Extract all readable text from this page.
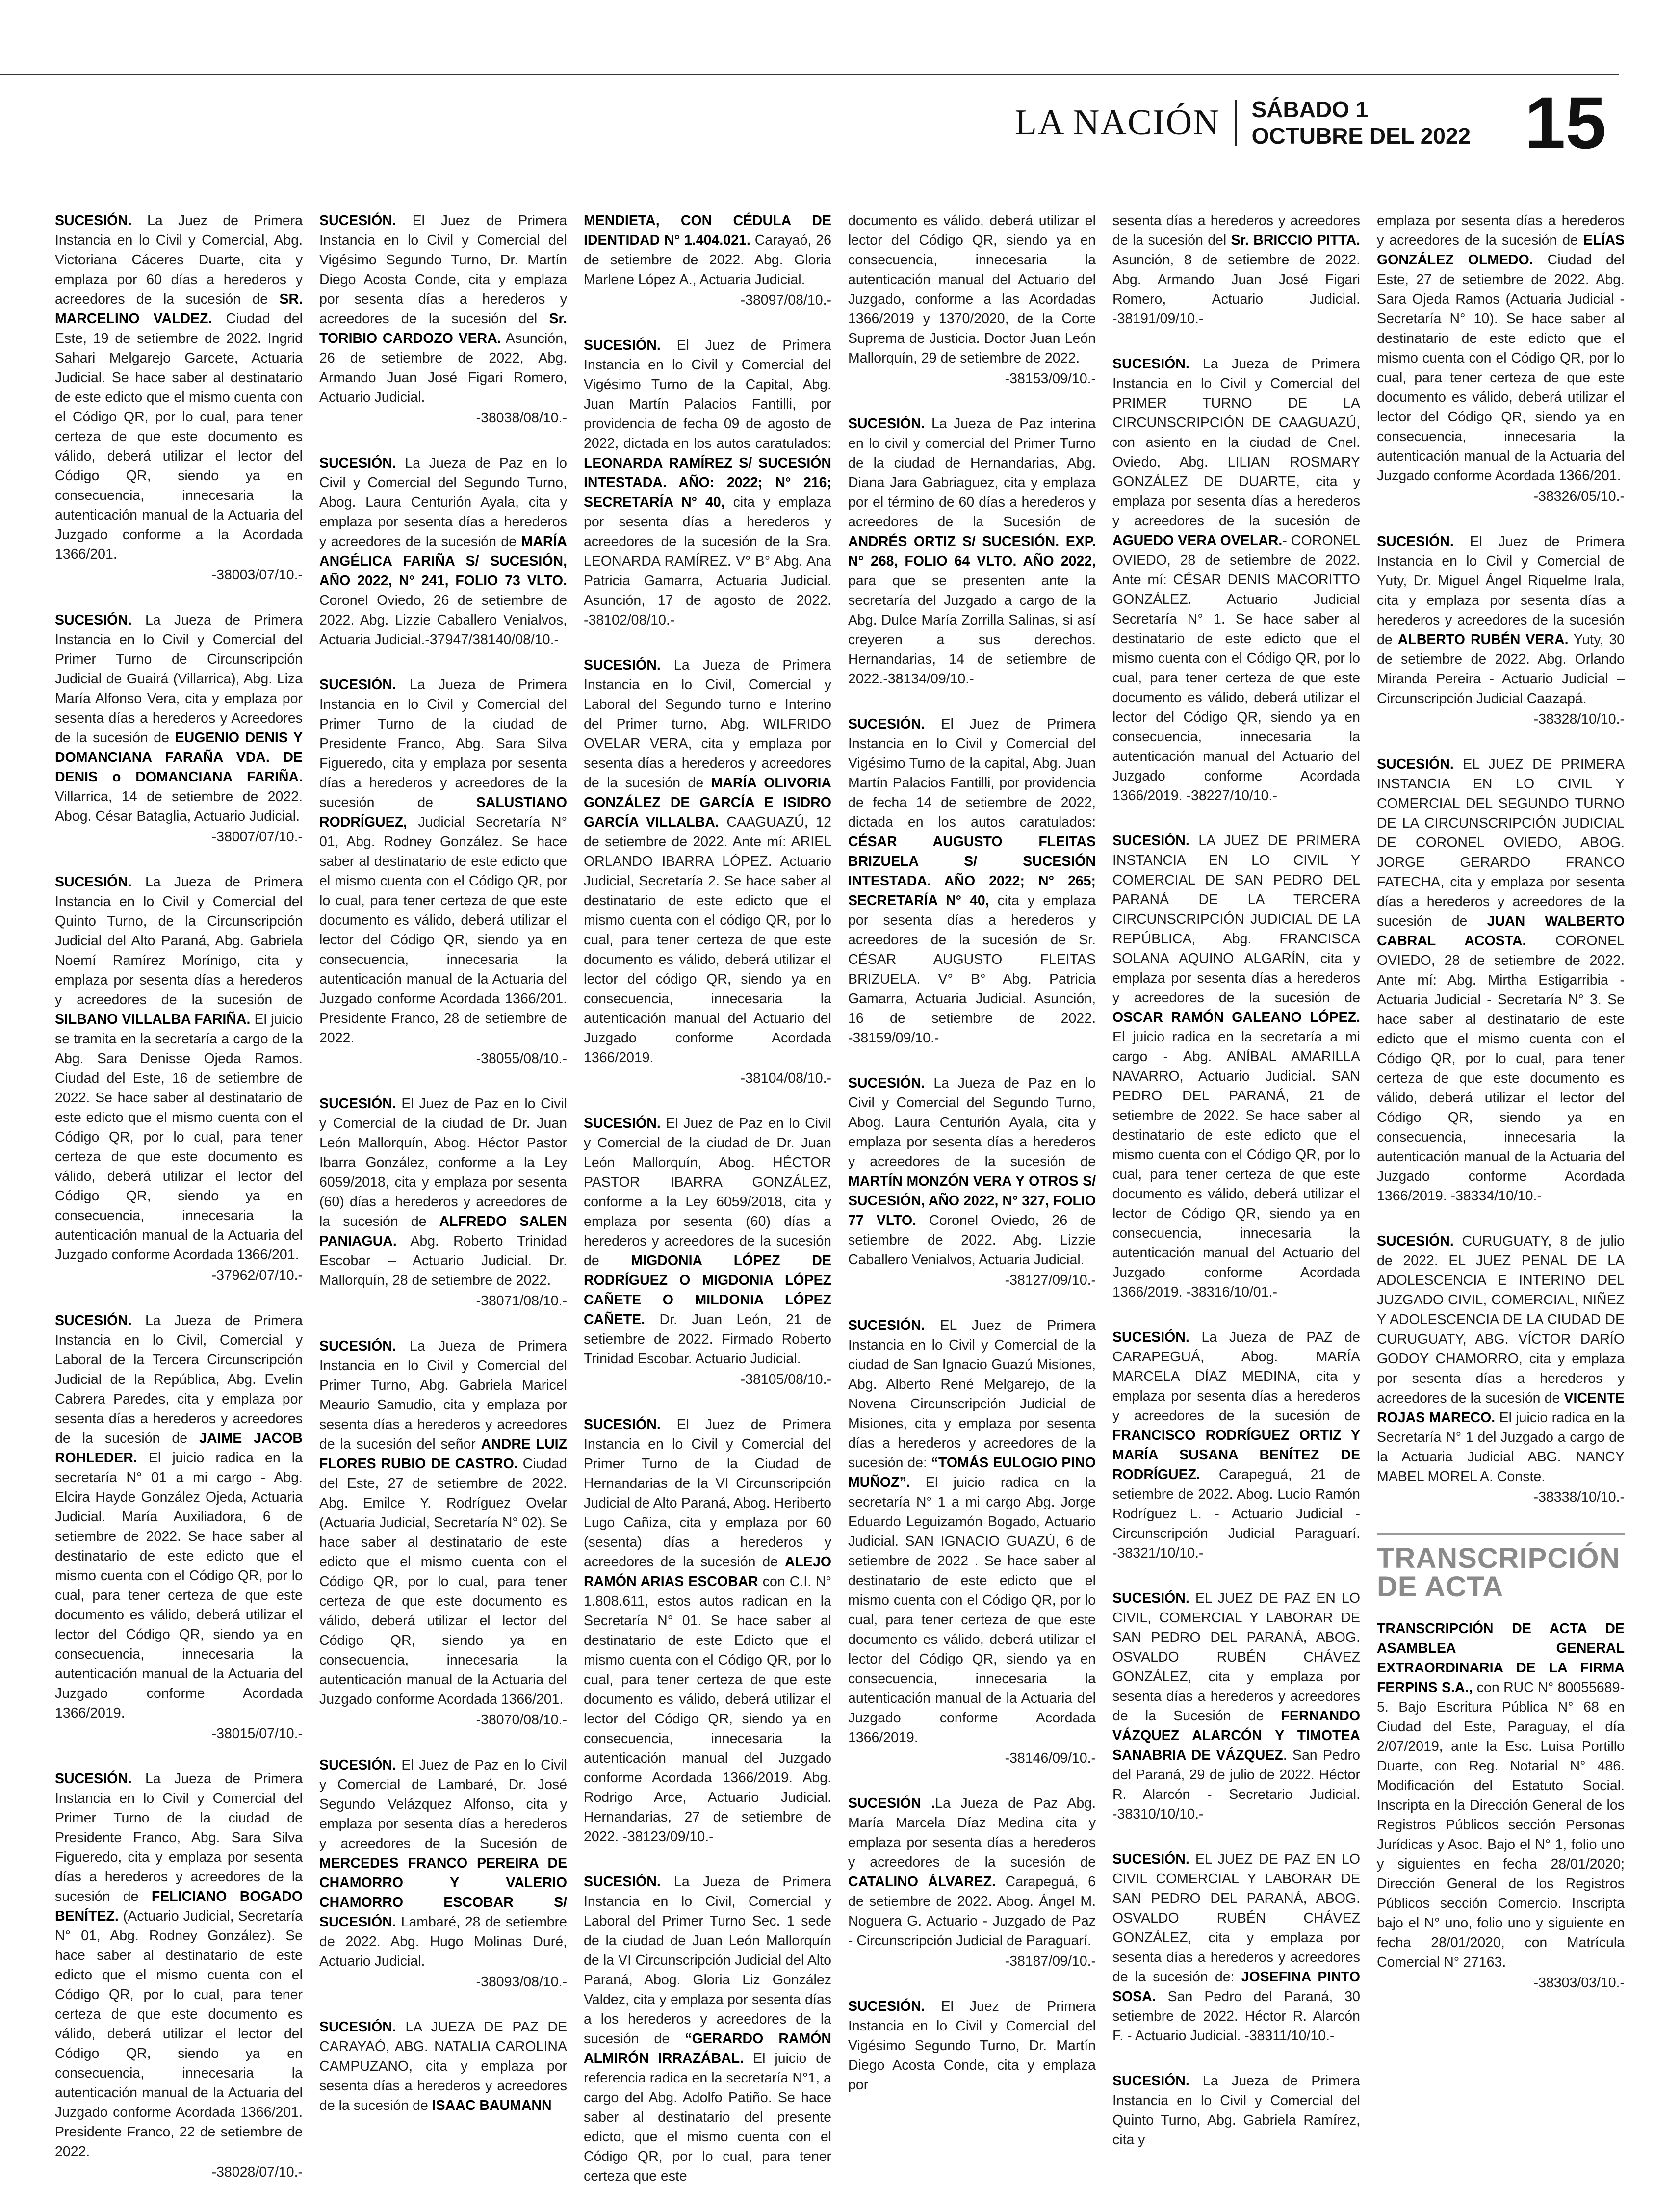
LA NACIÓN SÁBADO 1
OCTUBRE DEL 2022 15

SUCESIÓN. La Juez de Primera Instancia en lo Civil y Comercial, Abg. Victoriana Cáceres Duarte, cita y emplaza por 60 días a herederos y acreedores de la sucesión de SR. MARCELINO VALDEZ. Ciudad del Este, 19 de setiembre de 2022. Ingrid Sahari Melgarejo Garcete, Actuaria Judicial. Se hace saber al destinatario de este edicto que el mismo cuenta con el Código QR, por lo cual, para tener certeza de que este documento es válido, deberá utilizar el lector del Código QR, siendo ya en consecuencia, innecesaria la autenticación manual de la Actuaria del Juzgado conforme a la Acordada 1366/201.
-38003/07/10.-

SUCESIÓN. La Jueza de Primera Instancia en lo Civil y Comercial del Primer Turno de Circunscripción Judicial de Guairá (Villarrica), Abg. Liza María Alfonso Vera, cita y emplaza por sesenta días a herederos y Acreedores de la sucesión de EUGENIO DENIS Y DOMANCIANA FARAÑA VDA. DE DENIS o DOMANCIANA FARIÑA. Villarrica, 14 de setiembre de 2022. Abog. César Bataglia, Actuario Judicial.
-38007/07/10.-

SUCESIÓN. La Jueza de Primera Instancia en lo Civil y Comercial del Quinto Turno, de la Circunscripción Judicial del Alto Paraná, Abg. Gabriela Noemí Ramírez Morínigo, cita y emplaza por sesenta días a herederos y acreedores de la sucesión de SILBANO VILLALBA FARIÑA. El juicio se tramita en la secretaría a cargo de la Abg. Sara Denisse Ojeda Ramos. Ciudad del Este, 16 de setiembre de 2022. Se hace saber al destinatario de este edicto que el mismo cuenta con el Código QR, por lo cual, para tener certeza de que este documento es válido, deberá utilizar el lector del Código QR, siendo ya en consecuencia, innecesaria la autenticación manual de la Actuaria del Juzgado conforme Acordada 1366/201.
-37962/07/10.-

SUCESIÓN. La Jueza de Primera Instancia en lo Civil, Comercial y Laboral de la Tercera Circunscripción Judicial de la República, Abg. Evelin Cabrera Paredes, cita y emplaza por sesenta días a herederos y acreedores de la sucesión de JAIME JACOB ROHLEDER. El juicio radica en la secretaría N° 01 a mi cargo - Abg. Elcira Hayde González Ojeda, Actuaria Judicial. María Auxiliadora, 6 de setiembre de 2022. Se hace saber al destinatario de este edicto que el mismo cuenta con el Código QR, por lo cual, para tener certeza de que este documento es válido, deberá utilizar el lector del Código QR, siendo ya en consecuencia, innecesaria la autenticación manual de la Actuaria del Juzgado conforme Acordada 1366/2019.
-38015/07/10.-

SUCESIÓN. La Jueza de Primera Instancia en lo Civil y Comercial del Primer Turno de la ciudad de Presidente Franco, Abg. Sara Silva Figueredo, cita y emplaza por sesenta días a herederos y acreedores de la sucesión de FELICIANO BOGADO BENÍTEZ. (Actuario Judicial, Secretaría N° 01, Abg. Rodney González). Se hace saber al destinatario de este edicto que el mismo cuenta con el Código QR, por lo cual, para tener certeza de que este documento es válido, deberá utilizar el lector del Código QR, siendo ya en consecuencia, innecesaria la autenticación manual de la Actuaria del Juzgado conforme Acordada 1366/201. Presidente Franco, 22 de setiembre de 2022.
-38028/07/10.-

SUCESIÓN. El Juez de Primera Instancia en lo Civil y Comercial del Vigésimo Segundo Turno, Dr. Martín Diego Acosta Conde, cita y emplaza por sesenta días a herederos y acreedores de la sucesión del Sr. TORIBIO CARDOZO VERA. Asunción, 26 de setiembre de 2022, Abg. Armando Juan José Figari Romero, Actuario Judicial.
-38038/08/10.-

SUCESIÓN. La Jueza de Paz en lo Civil y Comercial del Segundo Turno, Abog. Laura Centurión Ayala, cita y emplaza por sesenta días a herederos y acreedores de la sucesión de MARÍA ANGÉLICA FARIÑA S/ SUCESIÓN, AÑO 2022, N° 241, FOLIO 73 VLTO. Coronel Oviedo, 26 de setiembre de 2022. Abg. Lizzie Caballero Venialvos, Actuaria Judicial.-37947/38140/08/10.-

SUCESIÓN. La Jueza de Primera Instancia en lo Civil y Comercial del Primer Turno de la ciudad de Presidente Franco, Abg. Sara Silva Figueredo, cita y emplaza por sesenta días a herederos y acreedores de la sucesión de SALUSTIANO RODRÍGUEZ, Judicial Secretaría N° 01, Abg. Rodney González. Se hace saber al destinatario de este edicto que el mismo cuenta con el Código QR, por lo cual, para tener certeza de que este documento es válido, deberá utilizar el lector del Código QR, siendo ya en consecuencia, innecesaria la autenticación manual de la Actuaria del Juzgado conforme Acordada 1366/201. Presidente Franco, 28 de setiembre de 2022.
-38055/08/10.-

SUCESIÓN. El Juez de Paz en lo Civil y Comercial de la ciudad de Dr. Juan León Mallorquín, Abog. Héctor Pastor Ibarra González, conforme a la Ley 6059/2018, cita y emplaza por sesenta (60) días a herederos y acreedores de la sucesión de ALFREDO SALEN PANIAGUA. Abg. Roberto Trinidad Escobar – Actuario Judicial. Dr. Mallorquín, 28 de setiembre de 2022.
-38071/08/10.-

SUCESIÓN. La Jueza de Primera Instancia en lo Civil y Comercial del Primer Turno, Abg. Gabriela Maricel Meaurio Samudio, cita y emplaza por sesenta días a herederos y acreedores de la sucesión del señor ANDRE LUIZ FLORES RUBIO DE CASTRO. Ciudad del Este, 27 de setiembre de 2022. Abg. Emilce Y. Rodríguez Ovelar (Actuaria Judicial, Secretaría N° 02). Se hace saber al destinatario de este edicto que el mismo cuenta con el Código QR, por lo cual, para tener certeza de que este documento es válido, deberá utilizar el lector del Código QR, siendo ya en consecuencia, innecesaria la autenticación manual de la Actuaria del Juzgado conforme Acordada 1366/201.
-38070/08/10.-

SUCESIÓN. El Juez de Paz en lo Civil y Comercial de Lambaré, Dr. José Segundo Velázquez Alfonso, cita y emplaza por sesenta días a herederos y acreedores de la Sucesión de MERCEDES FRANCO PEREIRA DE CHAMORRO Y VALERIO CHAMORRO ESCOBAR S/ SUCESIÓN. Lambaré, 28 de setiembre de 2022. Abg. Hugo Molinas Duré, Actuario Judicial.
-38093/08/10.-

SUCESIÓN. LA JUEZA DE PAZ DE CARAYAÓ, ABG. NATALIA CAROLINA CAMPUZANO, cita y emplaza por sesenta días a herederos y acreedores de la sucesión de ISAAC BAUMANN

MENDIETA, CON CÉDULA DE IDENTIDAD N° 1.404.021. Carayaó, 26 de setiembre de 2022. Abg. Gloria Marlene López A., Actuaria Judicial.
-38097/08/10.-

SUCESIÓN. El Juez de Primera Instancia en lo Civil y Comercial del Vigésimo Turno de la Capital, Abg. Juan Martín Palacios Fantilli, por providencia de fecha 09 de agosto de 2022, dictada en los autos caratulados: LEONARDA RAMÍREZ S/ SUCESIÓN INTESTADA. AÑO: 2022; N° 216; SECRETARÍA N° 40, cita y emplaza por sesenta días a herederos y acreedores de la sucesión de la Sra. LEONARDA RAMÍREZ. V° B° Abg. Ana Patricia Gamarra, Actuaria Judicial. Asunción, 17 de agosto de 2022. -38102/08/10.-

SUCESIÓN. La Jueza de Primera Instancia en lo Civil, Comercial y Laboral del Segundo turno e Interino del Primer turno, Abg. WILFRIDO OVELAR VERA, cita y emplaza por sesenta días a herederos y acreedores de la sucesión de MARÍA OLIVORIA GONZÁLEZ DE GARCÍA E ISIDRO GARCÍA VILLALBA. CAAGUAZÚ, 12 de setiembre de 2022. Ante mí: ARIEL ORLANDO IBARRA LÓPEZ. Actuario Judicial, Secretaría 2. Se hace saber al destinatario de este edicto que el mismo cuenta con el código QR, por lo cual, para tener certeza de que este documento es válido, deberá utilizar el lector del código QR, siendo ya en consecuencia, innecesaria la autenticación manual del Actuario del Juzgado conforme Acordada 1366/2019.
-38104/08/10.-

SUCESIÓN. El Juez de Paz en lo Civil y Comercial de la ciudad de Dr. Juan León Mallorquín, Abog. HÉCTOR PASTOR IBARRA GONZÁLEZ, conforme a la Ley 6059/2018, cita y emplaza por sesenta (60) días a herederos y acreedores de la sucesión de MIGDONIA LÓPEZ DE RODRÍGUEZ O MIGDONIA LÓPEZ CAÑETE O MILDONIA LÓPEZ CAÑETE. Dr. Juan León, 21 de setiembre de 2022. Firmado Roberto Trinidad Escobar. Actuario Judicial.
-38105/08/10.-

SUCESIÓN. El Juez de Primera Instancia en lo Civil y Comercial del Primer Turno de la Ciudad de Hernandarias de la VI Circunscripción Judicial de Alto Paraná, Abog. Heriberto Lugo Cañiza, cita y emplaza por 60 (sesenta) días a herederos y acreedores de la sucesión de ALEJO RAMÓN ARIAS ESCOBAR con C.I. N° 1.808.611, estos autos radican en la Secretaría N° 01. Se hace saber al destinatario de este Edicto que el mismo cuenta con el Código QR, por lo cual, para tener certeza de que este documento es válido, deberá utilizar el lector del Código QR, siendo ya en consecuencia, innecesaria la autenticación manual del Juzgado conforme Acordada 1366/2019. Abg. Rodrigo Arce, Actuario Judicial. Hernandarias, 27 de setiembre de 2022. -38123/09/10.-

SUCESIÓN. La Jueza de Primera Instancia en lo Civil, Comercial y Laboral del Primer Turno Sec. 1 sede de la ciudad de Juan León Mallorquín de la VI Circunscripción Judicial del Alto Paraná, Abog. Gloria Liz González Valdez, cita y emplaza por sesenta días a los herederos y acreedores de la sucesión de “GERARDO RAMÓN ALMIRÓN IRRAZÁBAL. El juicio de referencia radica en la secretaría N°1, a cargo del Abg. Adolfo Patiño. Se hace saber al destinatario del presente edicto, que el mismo cuenta con el Código QR, por lo cual, para tener certeza que este

documento es válido, deberá utilizar el lector del Código QR, siendo ya en consecuencia, innecesaria la autenticación manual del Actuario del Juzgado, conforme a las Acordadas 1366/2019 y 1370/2020, de la Corte Suprema de Justicia. Doctor Juan León Mallorquín, 29 de setiembre de 2022.
-38153/09/10.-

SUCESIÓN. La Jueza de Paz interina en lo civil y comercial del Primer Turno de la ciudad de Hernandarias, Abg. Diana Jara Gabriaguez, cita y emplaza por el término de 60 días a herederos y acreedores de la Sucesión de ANDRÉS ORTIZ S/ SUCESIÓN. EXP. N° 268, FOLIO 64 VLTO. AÑO 2022, para que se presenten ante la secretaría del Juzgado a cargo de la Abg. Dulce María Zorrilla Salinas, si así creyeren a sus derechos. Hernandarias, 14 de setiembre de 2022.-38134/09/10.-

SUCESIÓN. El Juez de Primera Instancia en lo Civil y Comercial del Vigésimo Turno de la capital, Abg. Juan Martín Palacios Fantilli, por providencia de fecha 14 de setiembre de 2022, dictada en los autos caratulados: CÉSAR AUGUSTO FLEITAS BRIZUELA S/ SUCESIÓN INTESTADA. AÑO 2022; N° 265; SECRETARÍA N° 40, cita y emplaza por sesenta días a herederos y acreedores de la sucesión de Sr. CÉSAR AUGUSTO FLEITAS BRIZUELA. V° B° Abg. Patricia Gamarra, Actuaria Judicial. Asunción, 16 de setiembre de 2022. -38159/09/10.-

SUCESIÓN. La Jueza de Paz en lo Civil y Comercial del Segundo Turno, Abog. Laura Centurión Ayala, cita y emplaza por sesenta días a herederos y acreedores de la sucesión de MARTÍN MONZÓN VERA Y OTROS S/ SUCESIÓN, AÑO 2022, N° 327, FOLIO 77 VLTO. Coronel Oviedo, 26 de setiembre de 2022. Abg. Lizzie Caballero Venialvos, Actuaria Judicial.
-38127/09/10.-

SUCESIÓN. EL Juez de Primera Instancia en lo Civil y Comercial de la ciudad de San Ignacio Guazú Misiones, Abg. Alberto René Melgarejo, de la Novena Circunscripción Judicial de Misiones, cita y emplaza por sesenta días a herederos y acreedores de la sucesión de: “TOMÁS EULOGIO PINO MUÑOZ”. El juicio radica en la secretaría N° 1 a mi cargo Abg. Jorge Eduardo Leguizamón Bogado, Actuario Judicial. SAN IGNACIO GUAZÚ, 6 de setiembre de 2022 . Se hace saber al destinatario de este edicto que el mismo cuenta con el Código QR, por lo cual, para tener certeza de que este documento es válido, deberá utilizar el lector del Código QR, siendo ya en consecuencia, innecesaria la autenticación manual de la Actuaria del Juzgado conforme Acordada 1366/2019.
-38146/09/10.-

SUCESIÓN .La Jueza de Paz Abg. María Marcela Díaz Medina cita y emplaza por sesenta días a herederos y acreedores de la sucesión de CATALINO ÁLVAREZ. Carapeguá, 6 de setiembre de 2022. Abog. Ángel M. Noguera G. Actuario - Juzgado de Paz - Circunscripción Judicial de Paraguarí.
-38187/09/10.-

SUCESIÓN. El Juez de Primera Instancia en lo Civil y Comercial del Vigésimo Segundo Turno, Dr. Martín Diego Acosta Conde, cita y emplaza por

sesenta días a herederos y acreedores de la sucesión del Sr. BRICCIO PITTA. Asunción, 8 de setiembre de 2022. Abg. Armando Juan José Figari Romero, Actuario Judicial. -38191/09/10.-

SUCESIÓN. La Jueza de Primera Instancia en lo Civil y Comercial del PRIMER TURNO DE LA CIRCUNSCRIPCIÓN DE CAAGUAZÚ, con asiento en la ciudad de Cnel. Oviedo, Abg. LILIAN ROSMARY GONZÁLEZ DE DUARTE, cita y emplaza por sesenta días a herederos y acreedores de la sucesión de AGUEDO VERA OVELAR.- CORONEL OVIEDO, 28 de setiembre de 2022. Ante mí: CÉSAR DENIS MACORITTO GONZÁLEZ. Actuario Judicial Secretaría N° 1. Se hace saber al destinatario de este edicto que el mismo cuenta con el Código QR, por lo cual, para tener certeza de que este documento es válido, deberá utilizar el lector del Código QR, siendo ya en consecuencia, innecesaria la autenticación manual del Actuario del Juzgado conforme Acordada 1366/2019. -38227/10/10.-

SUCESIÓN. LA JUEZ DE PRIMERA INSTANCIA EN LO CIVIL Y COMERCIAL DE SAN PEDRO DEL PARANÁ DE LA TERCERA CIRCUNSCRIPCIÓN JUDICIAL DE LA REPÚBLICA, Abg. FRANCISCA SOLANA AQUINO ALGARÍN, cita y emplaza por sesenta días a herederos y acreedores de la sucesión de OSCAR RAMÓN GALEANO LÓPEZ. El juicio radica en la secretaría a mi cargo - Abg. ANÍBAL AMARILLA NAVARRO, Actuario Judicial. SAN PEDRO DEL PARANÁ, 21 de setiembre de 2022. Se hace saber al destinatario de este edicto que el mismo cuenta con el Código QR, por lo cual, para tener certeza de que este documento es válido, deberá utilizar el lector de Código QR, siendo ya en consecuencia, innecesaria la autenticación manual del Actuario del Juzgado conforme Acordada 1366/2019. -38316/10/01.-

SUCESIÓN. La Jueza de PAZ de CARAPEGUÁ, Abog. MARÍA MARCELA DÍAZ MEDINA, cita y emplaza por sesenta días a herederos y acreedores de la sucesión de FRANCISCO RODRÍGUEZ ORTIZ Y MARÍA SUSANA BENÍTEZ DE RODRÍGUEZ. Carapeguá, 21 de setiembre de 2022. Abog. Lucio Ramón Rodríguez L. - Actuario Judicial - Circunscripción Judicial Paraguarí. -38321/10/10.-

SUCESIÓN. EL JUEZ DE PAZ EN LO CIVIL, COMERCIAL Y LABORAR DE SAN PEDRO DEL PARANÁ, ABOG. OSVALDO RUBÉN CHÁVEZ GONZÁLEZ, cita y emplaza por sesenta días a herederos y acreedores de la Sucesión de FERNANDO VÁZQUEZ ALARCÓN Y TIMOTEA SANABRIA DE VÁZQUEZ. San Pedro del Paraná, 29 de julio de 2022. Héctor R. Alarcón - Secretario Judicial. -38310/10/10.-

SUCESIÓN. EL JUEZ DE PAZ EN LO CIVIL COMERCIAL Y LABORAR DE SAN PEDRO DEL PARANÁ, ABOG. OSVALDO RUBÉN CHÁVEZ GONZÁLEZ, cita y emplaza por sesenta días a herederos y acreedores de la sucesión de: JOSEFINA PINTO SOSA. San Pedro del Paraná, 30 setiembre de 2022. Héctor R. Alarcón F. - Actuario Judicial. -38311/10/10.-

SUCESIÓN. La Jueza de Primera Instancia en lo Civil y Comercial del Quinto Turno, Abg. Gabriela Ramírez, cita y

emplaza por sesenta días a herederos y acreedores de la sucesión de ELÍAS GONZÁLEZ OLMEDO. Ciudad del Este, 27 de setiembre de 2022. Abg. Sara Ojeda Ramos (Actuaria Judicial - Secretaría N° 10). Se hace saber al destinatario de este edicto que el mismo cuenta con el Código QR, por lo cual, para tener certeza de que este documento es válido, deberá utilizar el lector del Código QR, siendo ya en consecuencia, innecesaria la autenticación manual de la Actuaria del Juzgado conforme Acordada 1366/201.
-38326/05/10.-

SUCESIÓN. El Juez de Primera Instancia en lo Civil y Comercial de Yuty, Dr. Miguel Ángel Riquelme Irala, cita y emplaza por sesenta días a herederos y acreedores de la sucesión de ALBERTO RUBÉN VERA. Yuty, 30 de setiembre de 2022. Abg. Orlando Miranda Pereira - Actuario Judicial – Circunscripción Judicial Caazapá.
-38328/10/10.-

SUCESIÓN. EL JUEZ DE PRIMERA INSTANCIA EN LO CIVIL Y COMERCIAL DEL SEGUNDO TURNO DE LA CIRCUNSCRIPCIÓN JUDICIAL DE CORONEL OVIEDO, ABOG. JORGE GERARDO FRANCO FATECHA, cita y emplaza por sesenta días a herederos y acreedores de la sucesión de JUAN WALBERTO CABRAL ACOSTA. CORONEL OVIEDO, 28 de setiembre de 2022. Ante mí: Abg. Mirtha Estigarribia - Actuaria Judicial - Secretaría N° 3. Se hace saber al destinatario de este edicto que el mismo cuenta con el Código QR, por lo cual, para tener certeza de que este documento es válido, deberá utilizar el lector del Código QR, siendo ya en consecuencia, innecesaria la autenticación manual de la Actuaria del Juzgado conforme Acordada 1366/2019. -38334/10/10.-

SUCESIÓN. CURUGUATY, 8 de julio de 2022. EL JUEZ PENAL DE LA ADOLESCENCIA E INTERINO DEL JUZGADO CIVIL, COMERCIAL, NIÑEZ Y ADOLESCENCIA DE LA CIUDAD DE CURUGUATY, ABG. VÍCTOR DARÍO GODOY CHAMORRO, cita y emplaza por sesenta días a herederos y acreedores de la sucesión de VICENTE ROJAS MARECO. El juicio radica en la Secretaría N° 1 del Juzgado a cargo de la Actuaria Judicial ABG. NANCY MABEL MOREL A. Conste.
-38338/10/10.-

TRANSCRIPCIÓN
DE ACTA

TRANSCRIPCIÓN DE ACTA DE ASAMBLEA GENERAL EXTRAORDINARIA DE LA FIRMA FERPINS S.A., con RUC N° 80055689-5. Bajo Escritura Pública N° 68 en Ciudad del Este, Paraguay, el día 2/07/2019, ante la Esc. Luisa Portillo Duarte, con Reg. Notarial N° 486. Modificación del Estatuto Social. Inscripta en la Dirección General de los Registros Públicos sección Personas Jurídicas y Asoc. Bajo el N° 1, folio uno y siguientes en fecha 28/01/2020; Dirección General de los Registros Públicos sección Comercio. Inscripta bajo el N° uno, folio uno y siguiente en fecha 28/01/2020, con Matrícula Comercial N° 27163.
-38303/03/10.-
